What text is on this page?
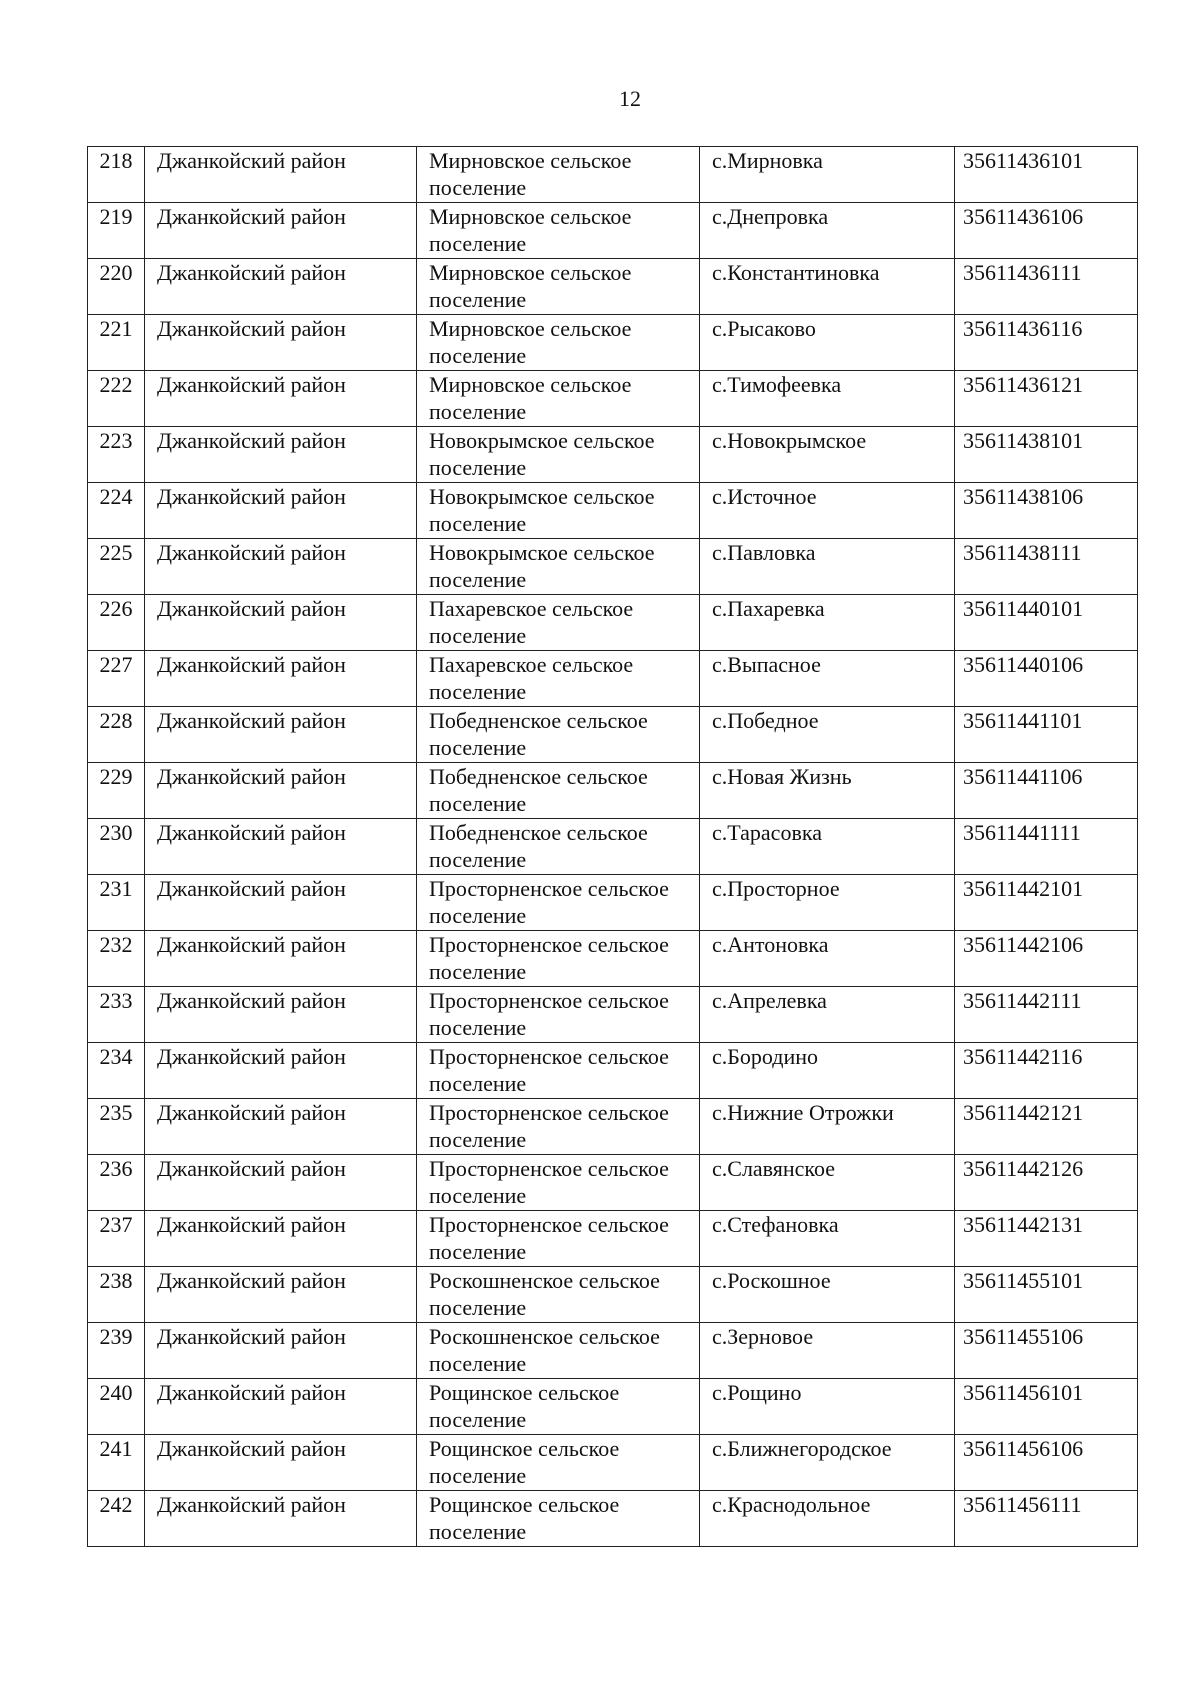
12
218	Джанкойский район	Мирновское сельское поселение	с.Мирновка	35611436101

219	Джанкойский район	Мирновское сельское поселение	с.Днепровка	35611436106

220	Джанкойский район	Мирновское сельское поселение	с.Константиновка	35611436111

221	Джанкойский район	Мирновское сельское поселение	с.Рысаково	35611436116

222	Джанкойский район	Мирновское сельское поселение	с.Тимофеевка	35611436121

223	Джанкойский район	Новокрымское сельское поселение	с.Новокрымское	35611438101

224	Джанкойский район	Новокрымское сельское поселение	с.Источное	35611438106

225	Джанкойский район	Новокрымское сельское поселение	с.Павловка	35611438111

226	Джанкойский район	Пахаревское сельское поселение	с.Пахаревка	35611440101

227	Джанкойский район	Пахаревское сельское поселение	с.Выпасное	35611440106

228	Джанкойский район	Победненское сельское поселение	с.Победное	35611441101

229	Джанкойский район	Победненское сельское поселение	с.Новая Жизнь	35611441106

230	Джанкойский район	Победненское сельское поселение	с.Тарасовка	35611441111

231	Джанкойский район	Просторненское сельское поселение	с.Просторное	35611442101

232	Джанкойский район	Просторненское сельское поселение	с.Антоновка	35611442106

233	Джанкойский район	Просторненское сельское поселение	с.Апрелевка	35611442111

234	Джанкойский район	Просторненское сельское поселение	с.Бородино	35611442116

235	Джанкойский район	Просторненское сельское поселение	с.Нижние Отрожки	35611442121

236	Джанкойский район	Просторненское сельское поселение	с.Славянское	35611442126

237	Джанкойский район	Просторненское сельское поселение	с.Стефановка	35611442131

238	Джанкойский район	Роскошненское сельское поселение	с.Роскошное	35611455101

239	Джанкойский район	Роскошненское сельское поселение	с.Зерновое	35611455106

240	Джанкойский район	Рощинское сельское поселение	с.Рощино	35611456101

241	Джанкойский район	Рощинское сельское поселение	с.Ближнегородское	35611456106

242	Джанкойский район	Рощинское сельское поселение	с.Краснодольное	35611456111
